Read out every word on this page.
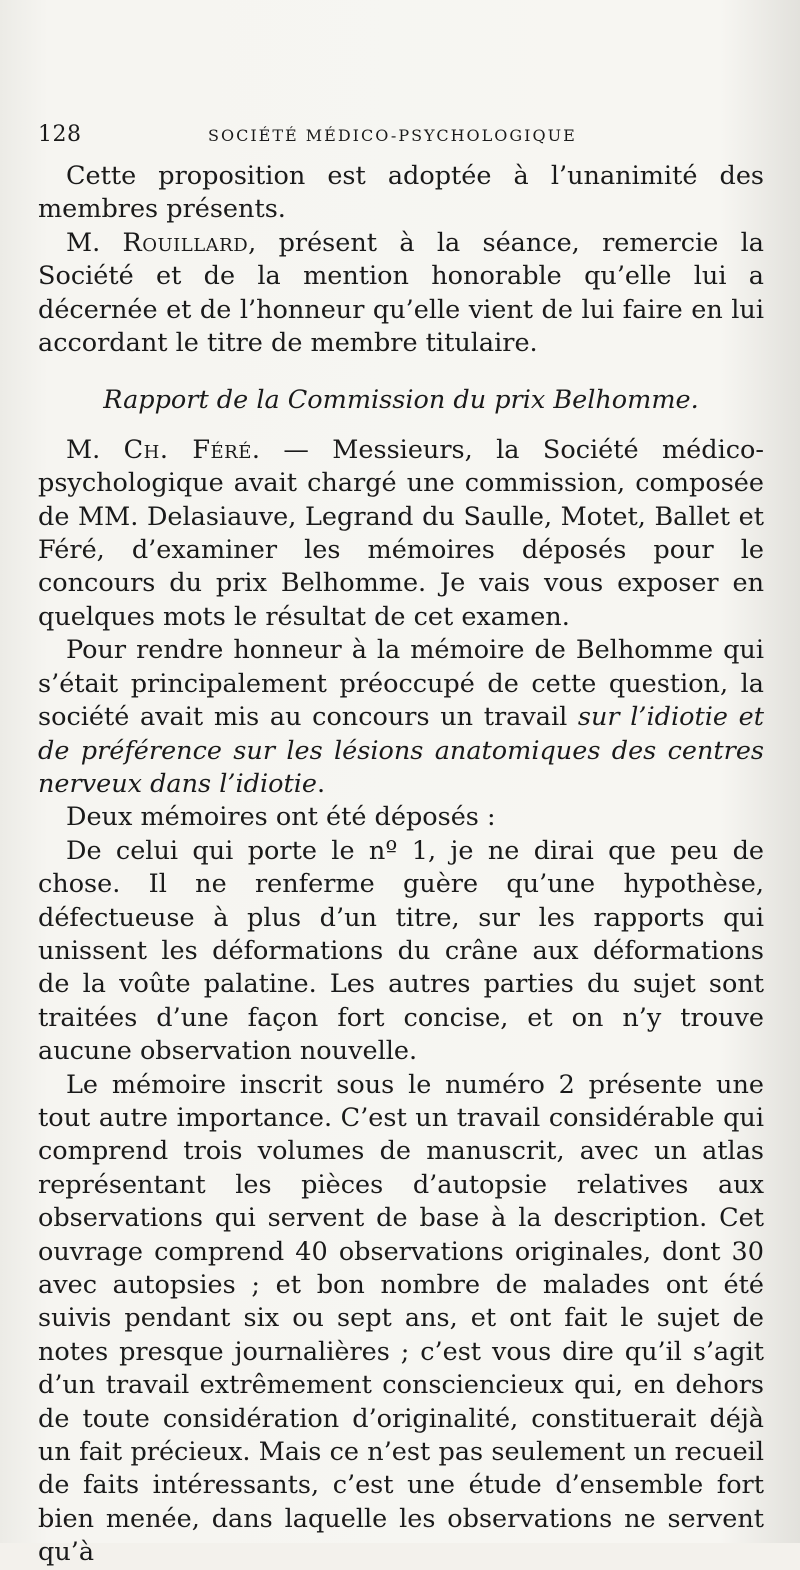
128	SOCIÉTÉ MÉDICO-PSYCHOLOGIQUE

Cette proposition est adoptée à l’unanimité des membres présents.

M. Rouillard, présent à la séance, remercie la Société et de la mention honorable qu’elle lui a décernée et de l’honneur qu’elle vient de lui faire en lui accordant le titre de membre titulaire.

Rapport de la Commission du prix Belhomme.

M. Ch. Féré. — Messieurs, la Société médico-psychologique avait chargé une commission, composée de MM. Delasiauve, Legrand du Saulle, Motet, Ballet et Féré, d’examiner les mémoires déposés pour le concours du prix Belhomme. Je vais vous exposer en quelques mots le résultat de cet examen.

Pour rendre honneur à la mémoire de Belhomme qui s’était principalement préoccupé de cette question, la société avait mis au concours un travail sur l’idiotie et de préférence sur les lésions anatomiques des centres nerveux dans l’idiotie.

Deux mémoires ont été déposés :

De celui qui porte le nº 1, je ne dirai que peu de chose. Il ne renferme guère qu’une hypothèse, défectueuse à plus d’un titre, sur les rapports qui unissent les déformations du crâne aux déformations de la voûte palatine. Les autres parties du sujet sont traitées d’une façon fort concise, et on n’y trouve aucune observation nouvelle.

Le mémoire inscrit sous le numéro 2 présente une tout autre importance. C’est un travail considérable qui comprend trois volumes de manuscrit, avec un atlas représentant les pièces d’autopsie relatives aux observations qui servent de base à la description. Cet ouvrage comprend 40 observations originales, dont 30 avec autopsies ; et bon nombre de malades ont été suivis pendant six ou sept ans, et ont fait le sujet de notes presque journalières ; c’est vous dire qu’il s’agit d’un travail extrêmement consciencieux qui, en dehors de toute considération d’originalité, constituerait déjà un fait précieux. Mais ce n’est pas seulement un recueil de faits intéressants, c’est une étude d’ensemble fort bien menée, dans laquelle les observations ne servent qu’à
